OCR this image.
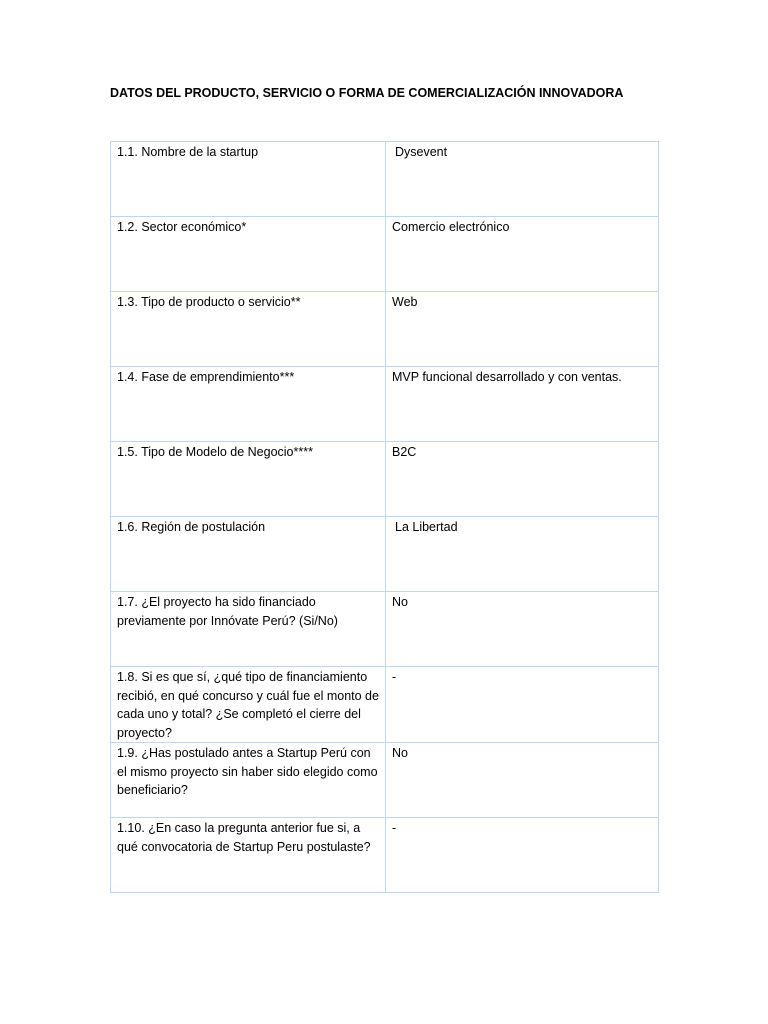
DATOS DEL PRODUCTO, SERVICIO O FORMA DE COMERCIALIZACIÓN INNOVADORA
1.1. Nombre de la startup	Dysevent
1.2. Sector económico*	Comercio electrónico
1.3. Tipo de producto o servicio**	Web
1.4. Fase de emprendimiento***	MVP funcional desarrollado y con ventas.
1.5. Tipo de Modelo de Negocio****	B2C
1.6. Región de postulación	La Libertad
1.7. ¿El proyecto ha sido financiado previamente por Innóvate Perú? (Si/No)	No
1.8. Si es que sí, ¿qué tipo de financiamiento recibió, en qué concurso y cuál fue el monto de cada uno y total? ¿Se completó el cierre del proyecto?	-
1.9. ¿Has postulado antes a Startup Perú con el mismo proyecto sin haber sido elegido como beneficiario?	No
1.10. ¿En caso la pregunta anterior fue si, a qué convocatoria de Startup Peru postulaste?	-
